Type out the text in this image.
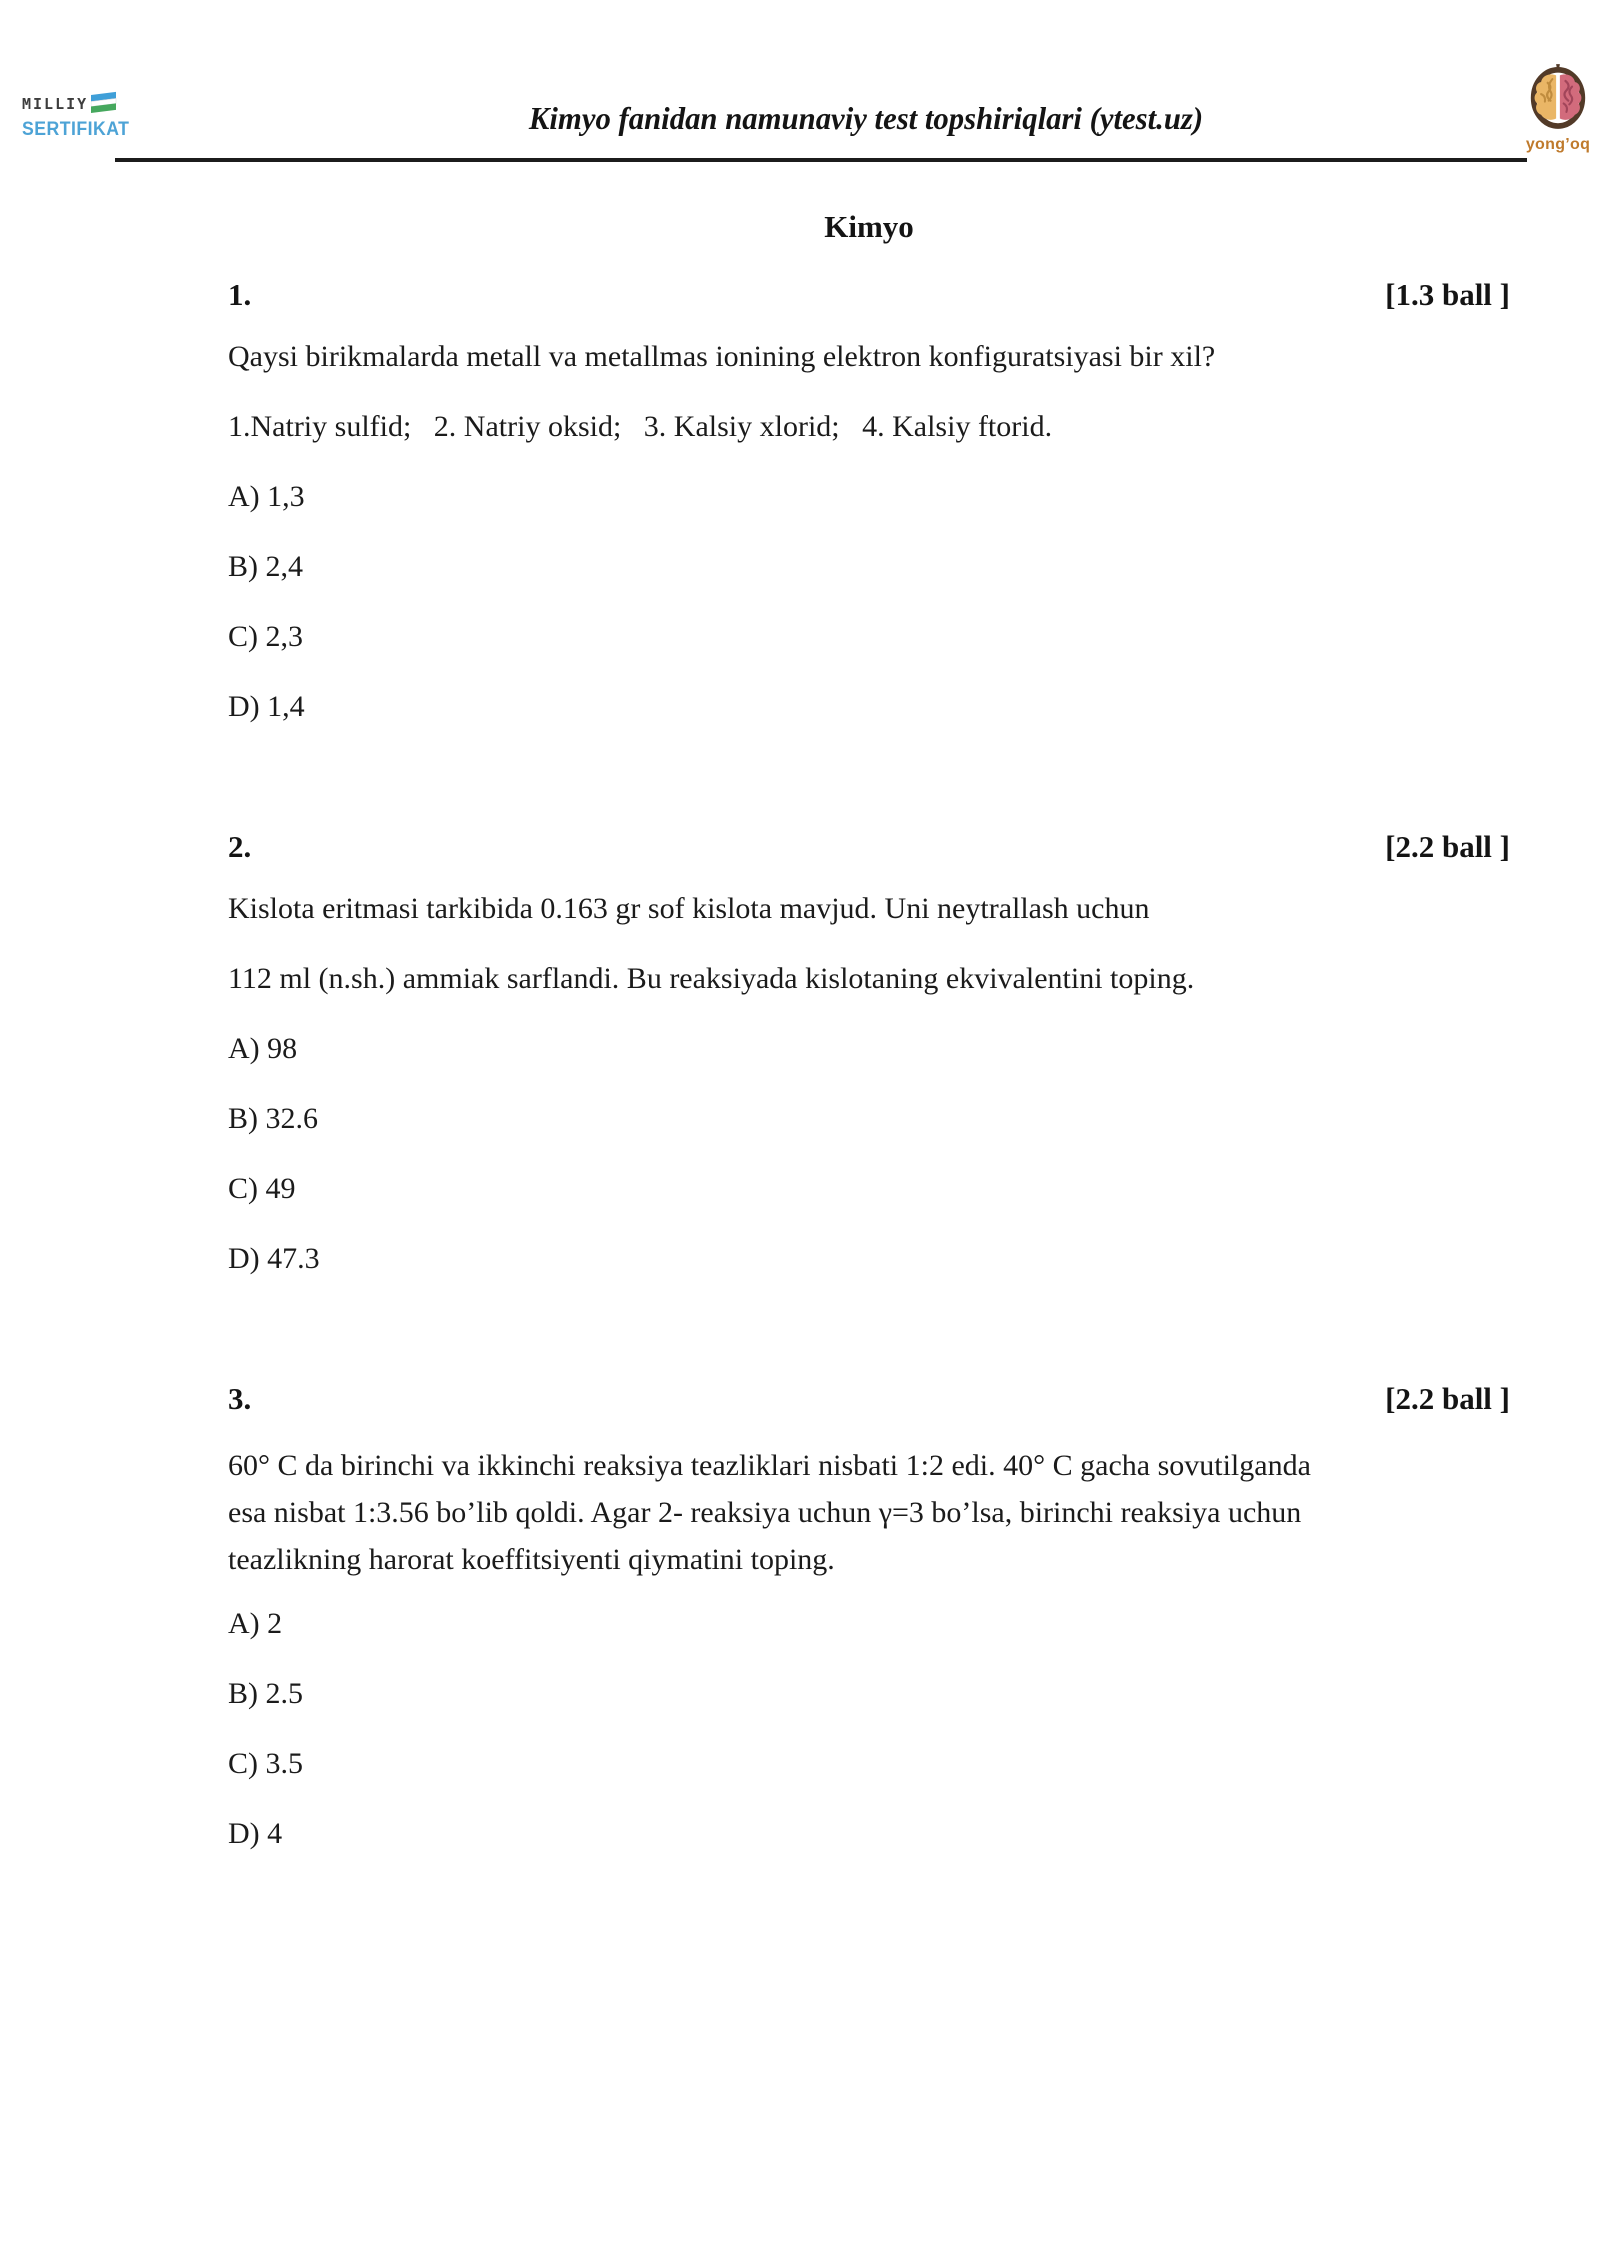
MILLIY
SERTIFIKAT	Kimyo fanidan namunaviy test topshiriqlari (ytest.uz)
yong’oq
Kimyo
1.	[1.3 ball ]
Qaysi birikmalarda metall va metallmas ionining elektron konfiguratsiyasi bir xil?
1.Natriy sulfid;   2. Natriy oksid;   3. Kalsiy xlorid;   4. Kalsiy ftorid.
A) 1,3
B) 2,4
C) 2,3
D) 1,4
2.	[2.2 ball ]
Kislota eritmasi tarkibida 0.163 gr sof kislota mavjud. Uni neytrallash uchun
112 ml (n.sh.) ammiak sarflandi. Bu reaksiyada kislotaning ekvivalentini toping.
A) 98
B) 32.6
C) 49
D) 47.3
3.	[2.2 ball ]
60° C da birinchi va ikkinchi reaksiya teazliklari nisbati 1:2 edi. 40° C gacha sovutilganda
esa nisbat 1:3.56 bo’lib qoldi. Agar 2- reaksiya uchun γ=3 bo’lsa, birinchi reaksiya uchun
teazlikning harorat koeffitsiyenti qiymatini toping.
A) 2
B) 2.5
C) 3.5
D) 4
